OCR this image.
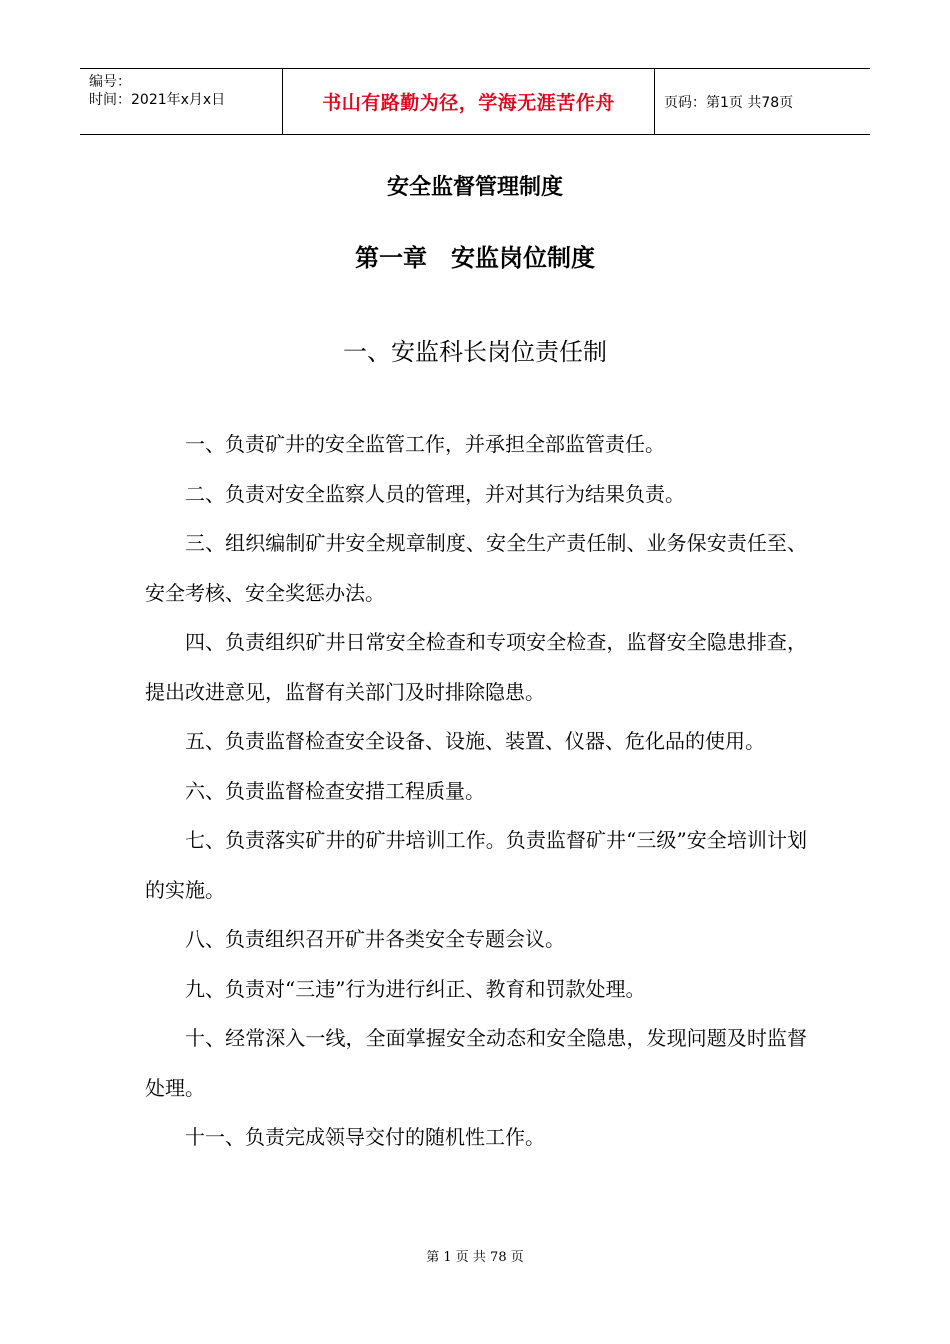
编号：
时间：2021年x月x日	书山有路勤为径，学海无涯苦作舟	页码：第1页 共78页
安全监督管理制度
第一章　安监岗位制度
一、安监科长岗位责任制

一、负责矿井的安全监管工作，并承担全部监管责任。

二、负责对安全监察人员的管理，并对其行为结果负责。

三、组织编制矿井安全规章制度、安全生产责任制、业务保安责任至、安全考核、安全奖惩办法。

四、负责组织矿井日常安全检查和专项安全检查，监督安全隐患排查，提出改进意见，监督有关部门及时排除隐患。

五、负责监督检查安全设备、设施、装置、仪器、危化品的使用。

六、负责监督检查安措工程质量。

七、负责落实矿井的矿井培训工作。负责监督矿井“三级”安全培训计划的实施。

八、负责组织召开矿井各类安全专题会议。

九、负责对“三违”行为进行纠正、教育和罚款处理。

十、经常深入一线，全面掌握安全动态和安全隐患，发现问题及时监督处理。

十一、负责完成领导交付的随机性工作。

第 1 页 共 78 页
